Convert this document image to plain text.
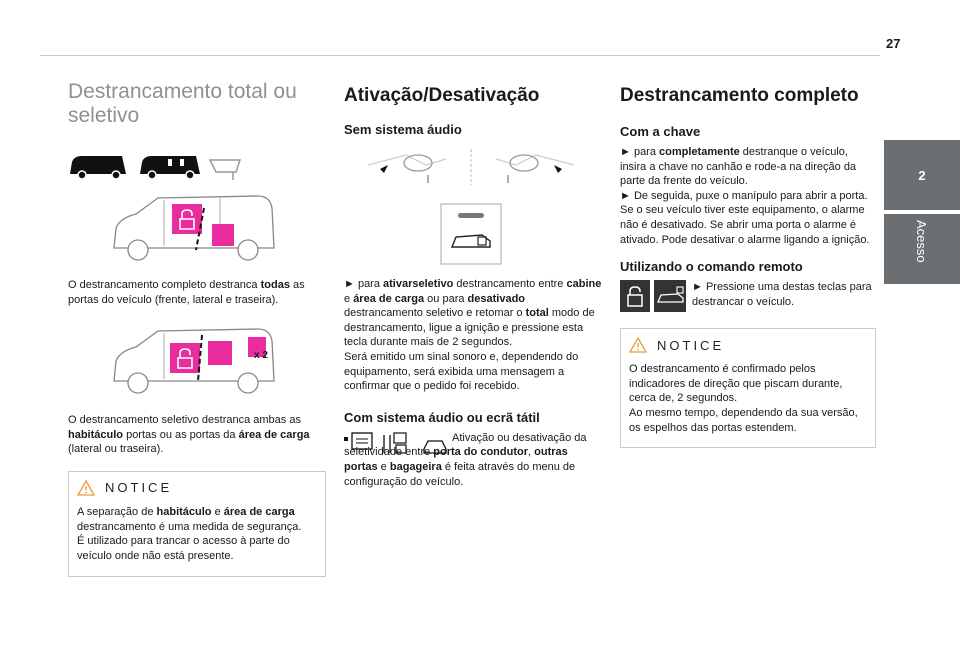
27
2
Acesso
Destrancamento total ou seletivo

O destrancamento completo destranca todas as portas do veículo (frente, lateral e traseira).

x 2

O destrancamento seletivo destranca ambas as habitáculo portas ou as portas da área de carga (lateral ou traseira).

NOTICE

A separação de habitáculo e área de carga destrancamento é uma medida de segurança.
É utilizado para trancar o acesso à parte do veículo onde não está presente.

Ativação/Desativação
Sem sistema áudio

► para ativarseletivo destrancamento entre cabine e área de carga ou para desativado destrancamento seletivo e retomar o total modo de destrancamento, ligue a ignição e pressione esta tecla durante mais de 2 segundos.
Será emitido um sinal sonoro e, dependendo do equipamento, será exibida uma mensagem a confirmar que o pedido foi recebido.

Com sistema áudio ou ecrã tátil

Ativação ou desativação da seletividade entre porta do condutor, outras portas e bagageira é feita através do menu de configuração do veículo.

Destrancamento completo
Com a chave

► para completamente destranque o veículo, insira a chave no canhão e rode-a na direção da parte da frente do veículo.

► De seguida, puxe o manípulo para abrir a porta.

Se o seu veículo tiver este equipamento, o alarme não é desativado. Se abrir uma porta o alarme é ativado. Pode desativar o alarme ligando a ignição.

Utilizando o comando remoto

► Pressione uma destas teclas para destrancar o veículo.

NOTICE

O destrancamento é confirmado pelos indicadores de direção que piscam durante, cerca de, 2 segundos.
Ao mesmo tempo, dependendo da sua versão, os espelhos das portas estendem.
